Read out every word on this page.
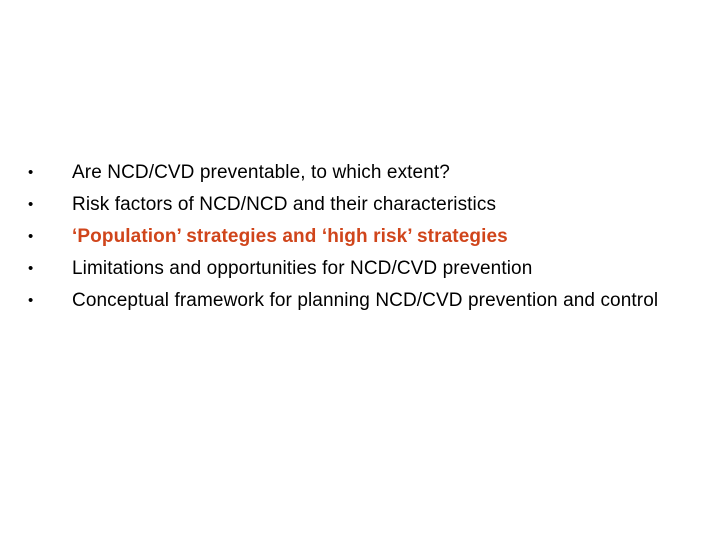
•	Are NCD/CVD preventable, to which extent?
•	Risk factors of NCD/NCD and their characteristics
•	‘Population’ strategies and ‘high risk’ strategies
•	Limitations and opportunities for NCD/CVD prevention
•	Conceptual framework for planning NCD/CVD prevention and control
